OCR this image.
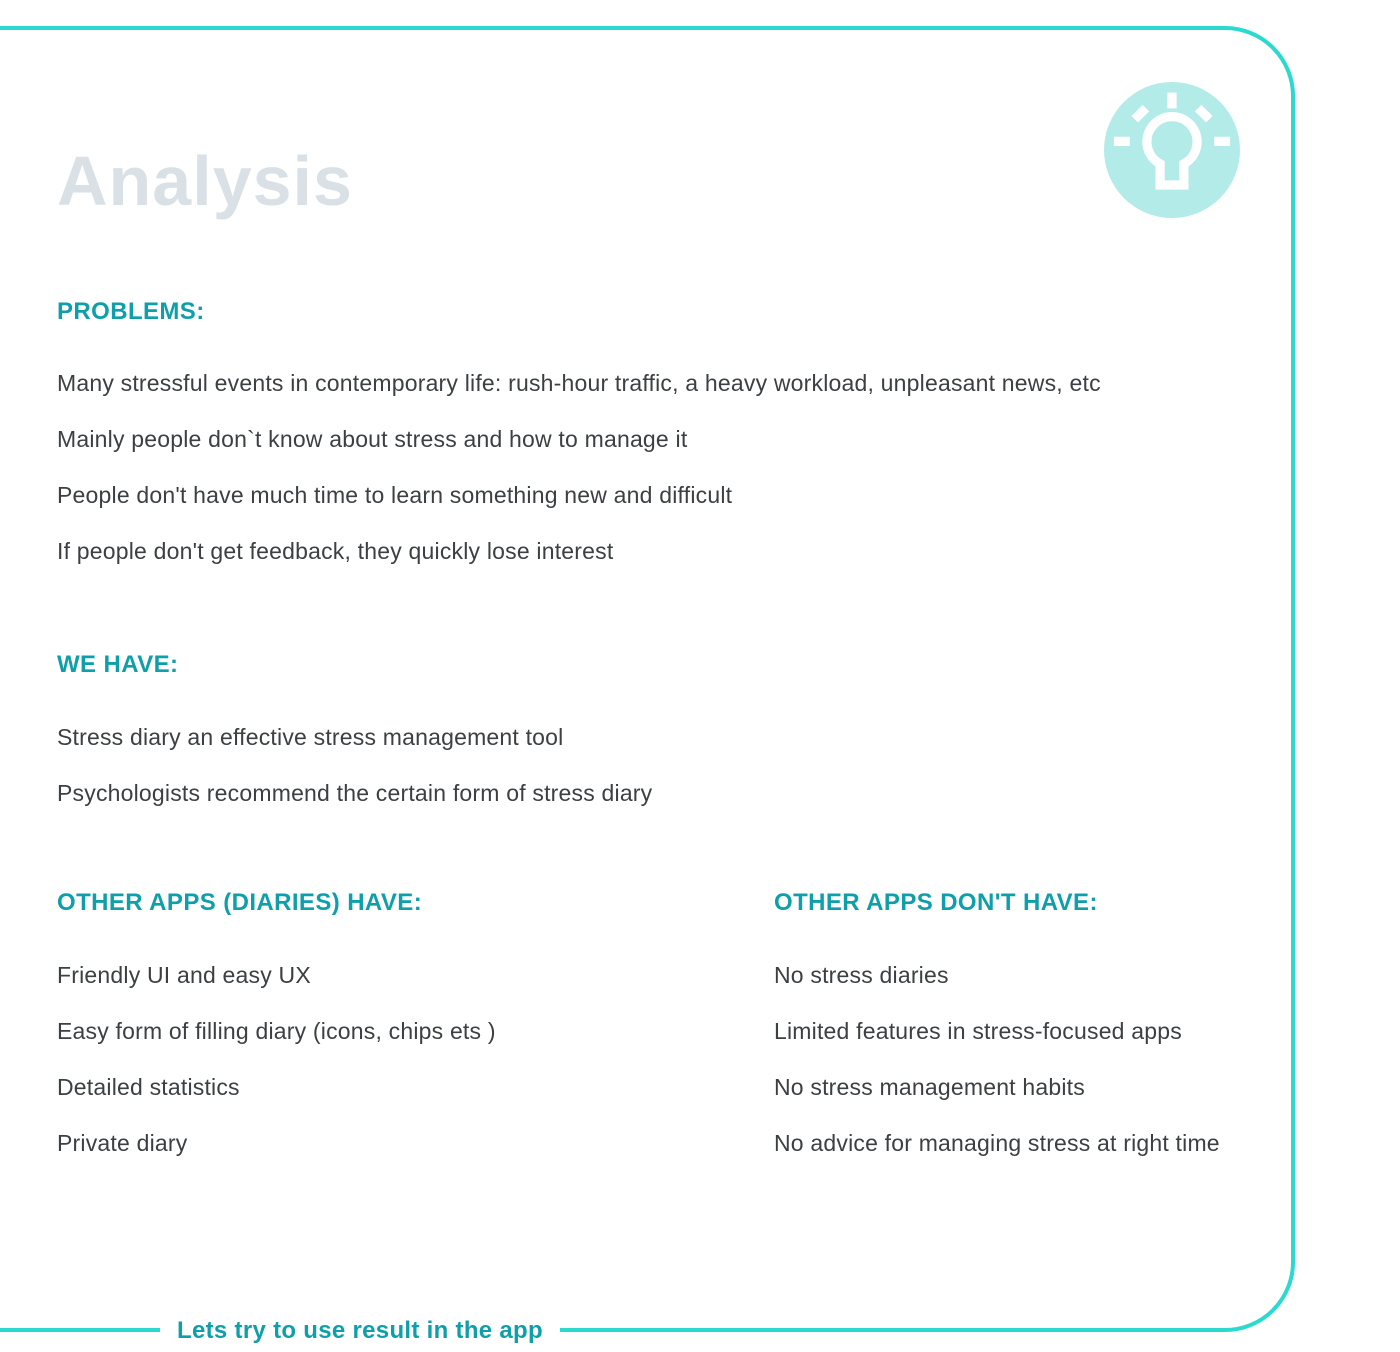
Analysis
PROBLEMS:
Many stressful events in contemporary life: rush-hour traffic, a heavy workload, unpleasant news, etc
Mainly people don`t know about stress and how to manage it
People don't have much time to learn something new and difficult
If people don't get feedback, they quickly lose interest
WE HAVE:
Stress diary an effective stress management tool
Psychologists recommend the certain form of stress diary
OTHER APPS (DIARIES) HAVE:
Friendly UI and easy UX
Easy form of filling diary (icons, chips ets )
Detailed statistics
Private diary
OTHER APPS DON'T HAVE:
No stress diaries
Limited features in stress-focused apps
No stress management habits
No advice for managing stress at right time
Lets try to use result in the app
